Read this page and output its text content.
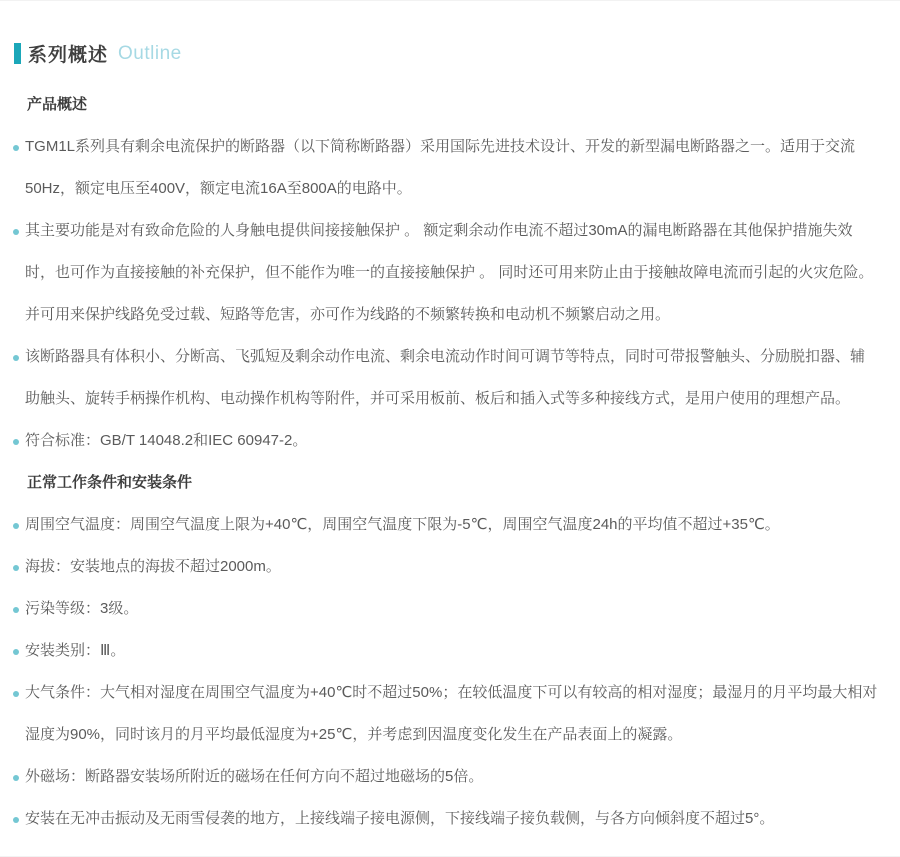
系列概述 Outline
产品概述
TGM1L系列具有剩余电流保护的断路器（以下简称断路器）采用国际先进技术设计、开发的新型漏电断路器之一。适用于交流50Hz，额定电压至400V，额定电流16A至800A的电路中。
其主要功能是对有致命危险的人身触电提供间接接触保护 。 额定剩余动作电流不超过30mA的漏电断路器在其他保护措施失效时，也可作为直接接触的补充保护，但不能作为唯一的直接接触保护 。 同时还可用来防止由于接触故障电流而引起的火灾危险。并可用来保护线路免受过载、短路等危害，亦可作为线路的不频繁转换和电动机不频繁启动之用。
该断路器具有体积小、分断高、飞弧短及剩余动作电流、剩余电流动作时间可调节等特点，同时可带报警触头、分励脱扣器、辅助触头、旋转手柄操作机构、电动操作机构等附件，并可采用板前、板后和插入式等多种接线方式，是用户使用的理想产品。
符合标准：GB/T 14048.2和IEC 60947-2。
正常工作条件和安装条件
周围空气温度：周围空气温度上限为+40℃，周围空气温度下限为-5℃，周围空气温度24h的平均值不超过+35℃。
海拔：安装地点的海拔不超过2000m。
污染等级：3级。
安装类别：Ⅲ。
大气条件：大气相对湿度在周围空气温度为+40℃时不超过50%；在较低温度下可以有较高的相对湿度；最湿月的月平均最大相对湿度为90%，同时该月的月平均最低湿度为+25℃，并考虑到因温度变化发生在产品表面上的凝露。
外磁场：断路器安装场所附近的磁场在任何方向不超过地磁场的5倍。
安装在无冲击振动及无雨雪侵袭的地方，上接线端子接电源侧，下接线端子接负载侧，与各方向倾斜度不超过5°。
